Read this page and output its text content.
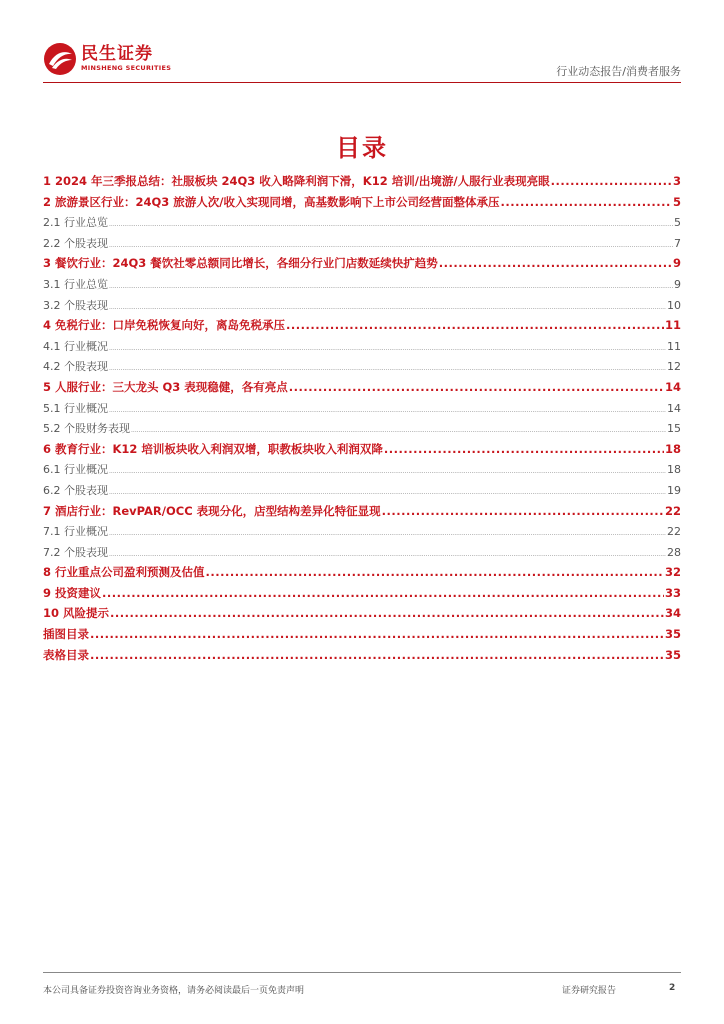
民生证券
MINSHENG SECURITIES	行业动态报告/消费者服务
目录
1 2024 年三季报总结：社服板块 24Q3 收入略降利润下滑，K12 培训/出境游/人服行业表现亮眼 .....	3
2 旅游景区行业：24Q3 旅游人次/收入实现同增，高基数影响下上市公司经营面整体承压 .....	5
2.1 行业总览 .....	5
2.2 个股表现 .....	7
3 餐饮行业：24Q3 餐饮社零总额同比增长，各细分行业门店数延续快扩趋势 .....	9
3.1 行业总览 .....	9
3.2 个股表现 .....	10
4 免税行业：口岸免税恢复向好，离岛免税承压 .....	11
4.1 行业概况 .....	11
4.2 个股表现 .....	12
5 人服行业：三大龙头 Q3 表现稳健，各有亮点 .....	14
5.1 行业概况 .....	14
5.2 个股财务表现 .....	15
6 教育行业：K12 培训板块收入利润双增，职教板块收入利润双降 .....	18
6.1 行业概况 .....	18
6.2 个股表现 .....	19
7 酒店行业：RevPAR/OCC 表现分化，店型结构差异化特征显现 .....	22
7.1 行业概况 .....	22
7.2 个股表现 .....	28
8 行业重点公司盈利预测及估值 .....	32
9 投资建议 .....	33
10 风险提示 .....	34
插图目录 .....	35
表格目录 .....	35
本公司具备证券投资咨询业务资格，请务必阅读最后一页免责声明	证券研究报告	2
